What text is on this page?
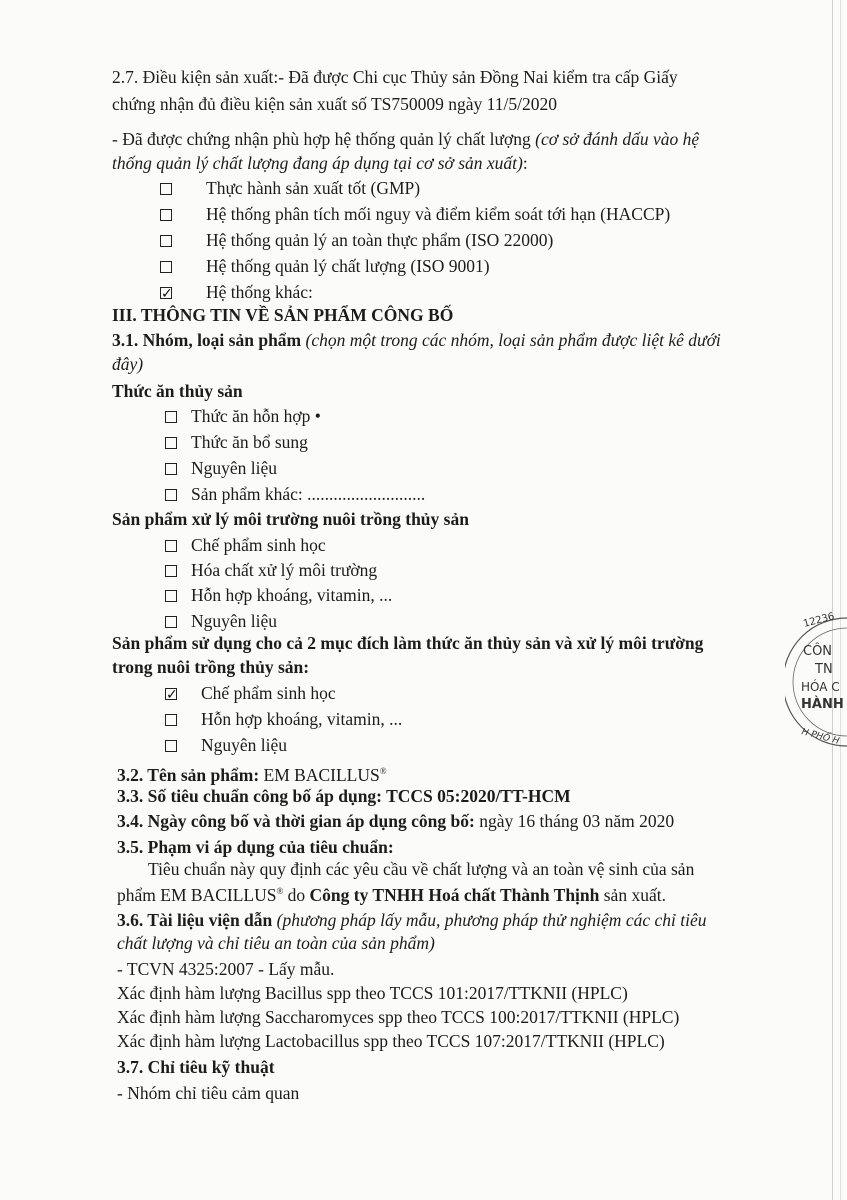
2.7. Điều kiện sản xuất:- Đã được Chi cục Thủy sản Đồng Nai kiểm tra cấp Giấy
chứng nhận đủ điều kiện sản xuất số TS750009 ngày 11/5/2020
- Đã được chứng nhận phù hợp hệ thống quản lý chất lượng (cơ sở đánh dấu vào hệ
thống quản lý chất lượng đang áp dụng tại cơ sở sản xuất):
Thực hành sản xuất tốt (GMP)
Hệ thống phân tích mối nguy và điểm kiểm soát tới hạn (HACCP)
Hệ thống quản lý an toàn thực phẩm (ISO 22000)
Hệ thống quản lý chất lượng (ISO 9001)
✓Hệ thống khác:
III. THÔNG TIN VỀ SẢN PHẨM CÔNG BỐ
3.1. Nhóm, loại sản phẩm (chọn một trong các nhóm, loại sản phẩm được liệt kê dưới
đây)
Thức ăn thủy sản
Thức ăn hỗn hợp •
Thức ăn bổ sung
Nguyên liệu
Sản phẩm khác: ...........................
Sản phẩm xử lý môi trường nuôi trồng thủy sản
Chế phẩm sinh học
Hóa chất xử lý môi trường
Hỗn hợp khoáng, vitamin, ...
Nguyên liệu
Sản phẩm sử dụng cho cả 2 mục đích làm thức ăn thủy sản và xử lý môi trường
trong nuôi trồng thủy sản:
✓Chế phẩm sinh học
Hỗn hợp khoáng, vitamin, ...
Nguyên liệu
3.2. Tên sản phẩm: EM BACILLUS®
3.3. Số tiêu chuẩn công bố áp dụng: TCCS 05:2020/TT-HCM
3.4. Ngày công bố và thời gian áp dụng công bố: ngày 16 tháng 03 năm 2020
3.5. Phạm vi áp dụng của tiêu chuẩn:
Tiêu chuẩn này quy định các yêu cầu về chất lượng và an toàn vệ sinh của sản
phẩm EM BACILLUS® do Công ty TNHH Hoá chất Thành Thịnh sản xuất.
3.6. Tài liệu viện dẫn (phương pháp lấy mẫu, phương pháp thử nghiệm các chỉ tiêu
chất lượng và chỉ tiêu an toàn của sản phẩm)
- TCVN 4325:2007 - Lấy mẫu.
Xác định hàm lượng Bacillus spp theo TCCS 101:2017/TTKNII (HPLC)
Xác định hàm lượng Saccharomyces spp theo TCCS 100:2017/TTKNII (HPLC)
Xác định hàm lượng Lactobacillus spp theo TCCS 107:2017/TTKNII (HPLC)
3.7. Chỉ tiêu kỹ thuật
- Nhóm chỉ tiêu cảm quan
12236
CÔN
TN
HÓA C
HÀNH
H PHỐ H
